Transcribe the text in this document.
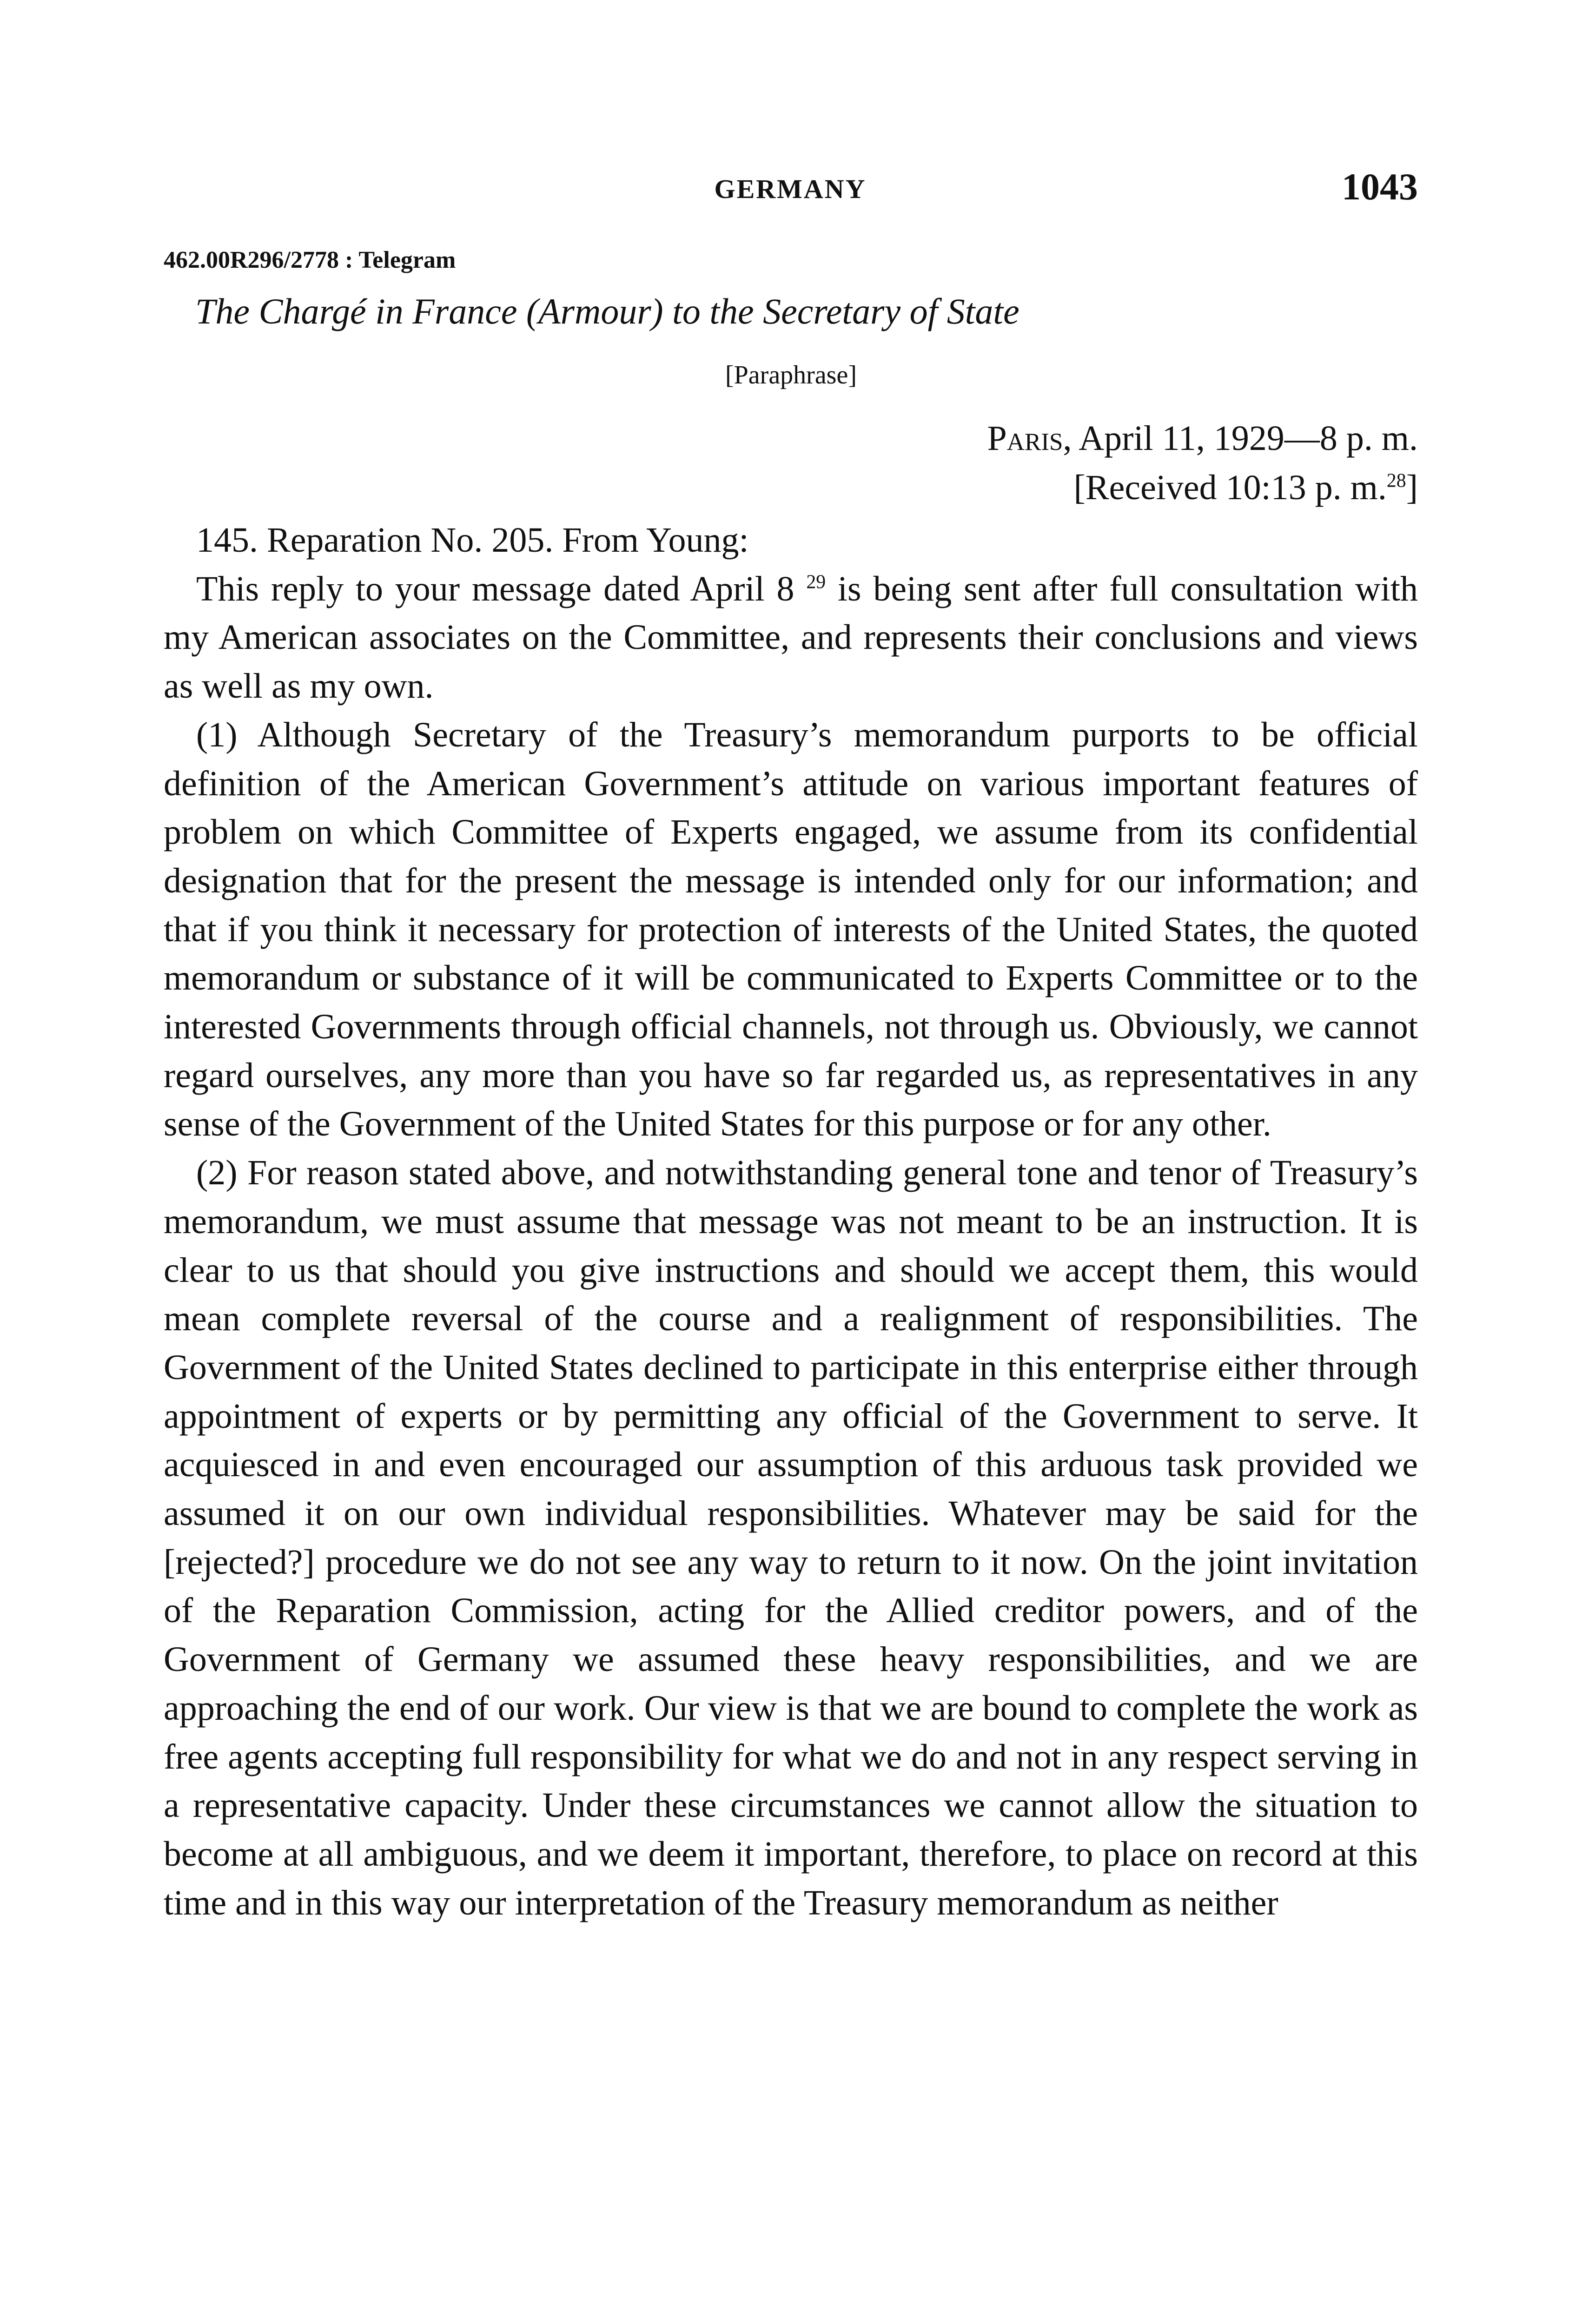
GERMANY	1043
462.00R296/2778 : Telegram
The Chargé in France (Armour) to the Secretary of State
[Paraphrase]
Paris, April 11, 1929—8 p. m.
[Received 10:13 p. m.$^{28}$]

145. Reparation No. 205. From Young:

This reply to your message dated April 8 $^{29}$ is being sent after full consultation with my American associates on the Committee, and represents their conclusions and views as well as my own.

(1) Although Secretary of the Treasury’s memorandum purports to be official definition of the American Government’s attitude on various important features of problem on which Committee of Experts engaged, we assume from its confidential designation that for the present the message is intended only for our information; and that if you think it necessary for protection of interests of the United States, the quoted memorandum or substance of it will be communicated to Experts Committee or to the interested Governments through official channels, not through us. Obviously, we cannot regard ourselves, any more than you have so far regarded us, as representatives in any sense of the Government of the United States for this purpose or for any other.

(2) For reason stated above, and notwithstanding general tone and tenor of Treasury’s memorandum, we must assume that message was not meant to be an instruction. It is clear to us that should you give instructions and should we accept them, this would mean complete reversal of the course and a realignment of responsibilities. The Government of the United States declined to participate in this enterprise either through appointment of experts or by permitting any official of the Government to serve. It acquiesced in and even encouraged our assumption of this arduous task provided we assumed it on our own individual responsibilities. Whatever may be said for the [rejected?] procedure we do not see any way to return to it now. On the joint invitation of the Reparation Commission, acting for the Allied creditor powers, and of the Government of Germany we assumed these heavy responsibilities, and we are approaching the end of our work. Our view is that we are bound to complete the work as free agents accepting full responsibility for what we do and not in any respect serving in a representative capacity. Under these circumstances we cannot allow the situation to become at all ambiguous, and we deem it important, therefore, to place on record at this time and in this way our interpretation of the Treasury memorandum as neither
